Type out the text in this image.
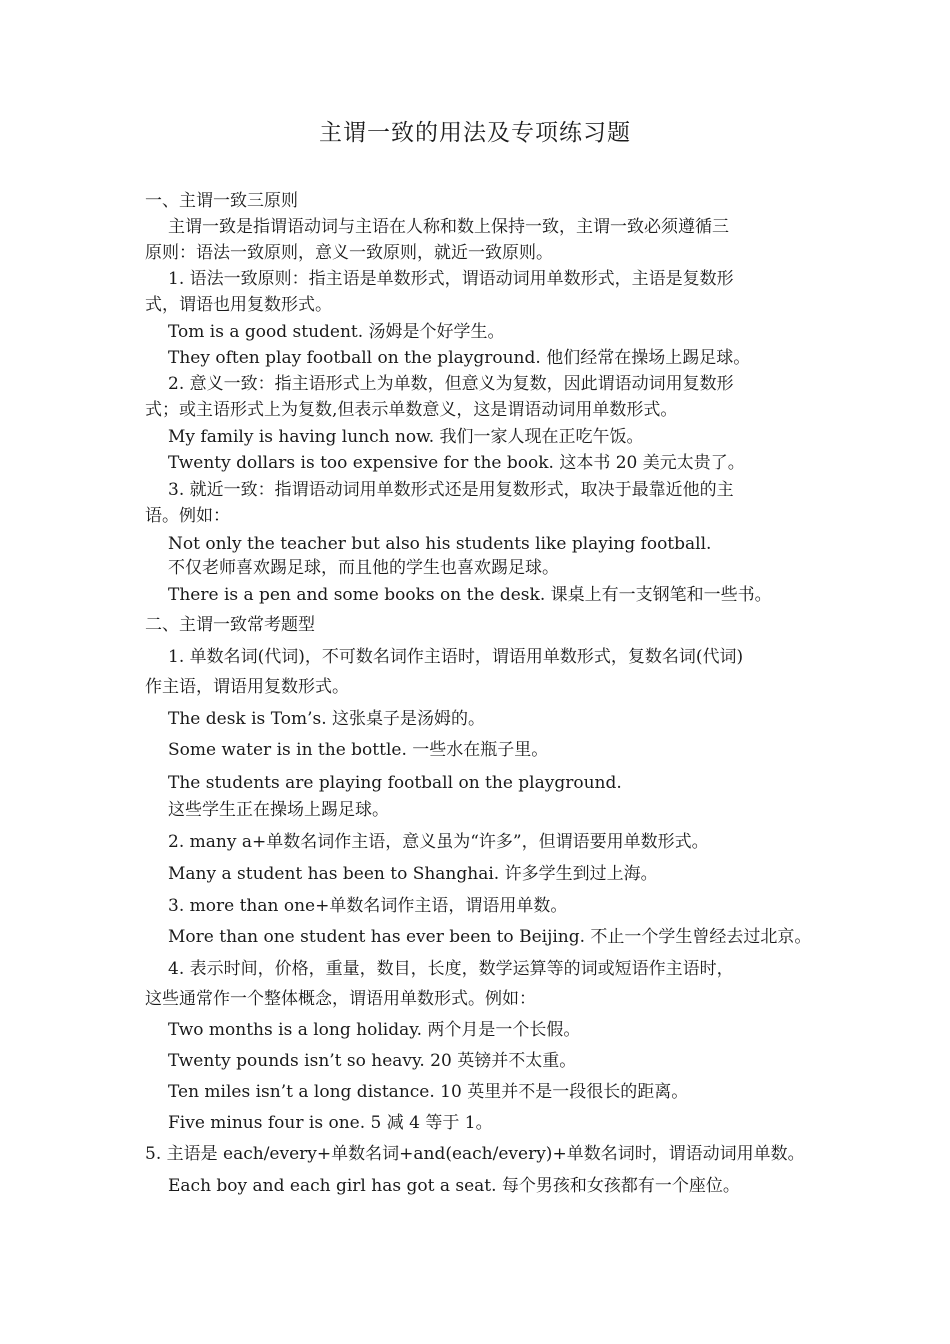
主谓一致的用法及专项练习题

一、主谓一致三原则

主谓一致是指谓语动词与主语在人称和数上保持一致，主谓一致必须遵循三

原则：语法一致原则，意义一致原则，就近一致原则。

1. 语法一致原则：指主语是单数形式，谓语动词用单数形式，主语是复数形

式，谓语也用复数形式。

Tom is a good student. 汤姆是个好学生。

They often play football on the playground. 他们经常在操场上踢足球。

2. 意义一致：指主语形式上为单数，但意义为复数，因此谓语动词用复数形

式；或主语形式上为复数,但表示单数意义，这是谓语动词用单数形式。

My family is having lunch now. 我们一家人现在正吃午饭。

Twenty dollars is too expensive for the book. 这本书 20 美元太贵了。

3. 就近一致：指谓语动词用单数形式还是用复数形式，取决于最靠近他的主

语。例如：

Not only the teacher but also his students like playing football.

不仅老师喜欢踢足球，而且他的学生也喜欢踢足球。

There is a pen and some books on the desk. 课桌上有一支钢笔和一些书。

二、主谓一致常考题型

1. 单数名词(代词)，不可数名词作主语时，谓语用单数形式，复数名词(代词)

作主语，谓语用复数形式。

The desk is Tom’s. 这张桌子是汤姆的。

Some water is in the bottle. 一些水在瓶子里。

The students are playing football on the playground.

这些学生正在操场上踢足球。

2. many a+单数名词作主语，意义虽为“许多”，但谓语要用单数形式。

Many a student has been to Shanghai. 许多学生到过上海。

3. more than one+单数名词作主语，谓语用单数。

More than one student has ever been to Beijing. 不止一个学生曾经去过北京。

4. 表示时间，价格，重量，数目，长度，数学运算等的词或短语作主语时，

这些通常作一个整体概念，谓语用单数形式。例如：

Two months is a long holiday. 两个月是一个长假。

Twenty pounds isn’t so heavy. 20 英镑并不太重。

Ten miles isn’t a long distance. 10 英里并不是一段很长的距离。

Five minus four is one. 5 减 4 等于 1。

5. 主语是 each/every+单数名词+and(each/every)+单数名词时，谓语动词用单数。

Each boy and each girl has got a seat. 每个男孩和女孩都有一个座位。
